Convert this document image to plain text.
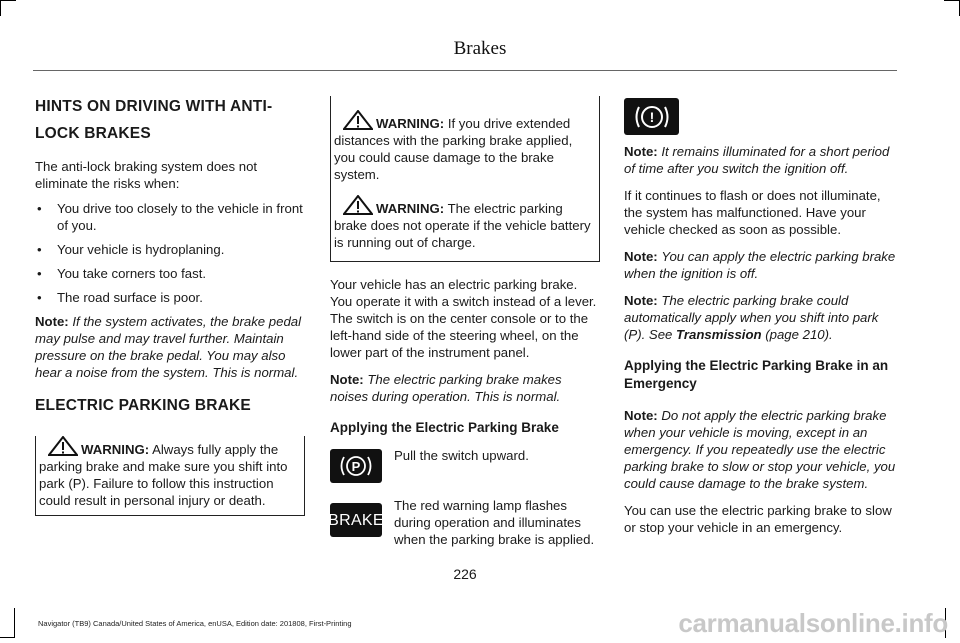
Brakes

HINTS ON DRIVING WITH ANTI-

LOCK BRAKES

The anti-lock braking system does not eliminate the risks when:

• You drive too closely to the vehicle in front of you.
• Your vehicle is hydroplaning.
• You take corners too fast.
• The road surface is poor.

Note: If the system activates, the brake pedal may pulse and may travel further. Maintain pressure on the brake pedal. You may also hear a noise from the system. This is normal.

ELECTRIC PARKING BRAKE

WARNING: Always fully apply the parking brake and make sure you shift into park (P). Failure to follow this instruction could result in personal injury or death.

WARNING: If you drive extended distances with the parking brake applied, you could cause damage to the brake system.

WARNING: The electric parking brake does not operate if the vehicle battery is running out of charge.

Your vehicle has an electric parking brake. You operate it with a switch instead of a lever. The switch is on the center console or to the left-hand side of the steering wheel, on the lower part of the instrument panel.

Note: The electric parking brake makes noises during operation. This is normal.

Applying the Electric Parking Brake

P

Pull the switch upward.

BRAKE

The red warning lamp flashes during operation and illuminates when the parking brake is applied.

!

Note: It remains illuminated for a short period of time after you switch the ignition off.

If it continues to flash or does not illuminate, the system has malfunctioned. Have your vehicle checked as soon as possible.

Note: You can apply the electric parking brake when the ignition is off.

Note: The electric parking brake could automatically apply when you shift into park (P). See Transmission (page 210).

Applying the Electric Parking Brake in an Emergency

Note: Do not apply the electric parking brake when your vehicle is moving, except in an emergency. If you repeatedly use the electric parking brake to slow or stop your vehicle, you could cause damage to the brake system.

You can use the electric parking brake to slow or stop your vehicle in an emergency.

226
Navigator (TB9) Canada/United States of America, enUSA, Edition date: 201808, First-Printing	carmanualsonline.info
